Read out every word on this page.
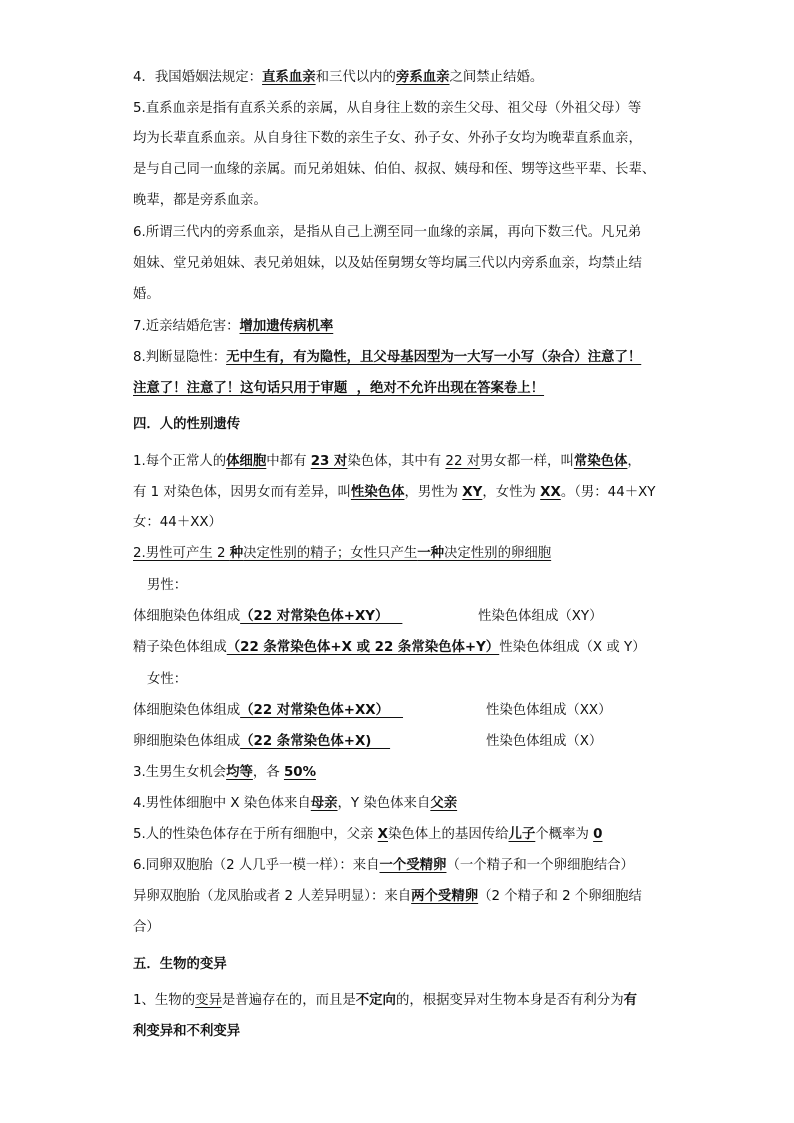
4．我国婚姻法规定：直系血亲和三代以内的旁系血亲之间禁止结婚。
5.直系血亲是指有直系关系的亲属，从自身往上数的亲生父母、祖父母（外祖父母）等
均为长辈直系血亲。从自身往下数的亲生子女、孙子女、外孙子女均为晚辈直系血亲，
是与自己同一血缘的亲属。而兄弟姐妹、伯伯、叔叔、姨母和侄、甥等这些平辈、长辈、
晚辈，都是旁系血亲。
6.所谓三代内的旁系血亲，是指从自己上溯至同一血缘的亲属，再向下数三代。凡兄弟
姐妹、堂兄弟姐妹、表兄弟姐妹，以及姑侄舅甥女等均属三代以内旁系血亲，均禁止结
婚。
7.近亲结婚危害：增加遗传病机率
8.判断显隐性：无中生有，有为隐性，且父母基因型为一大写一小写（杂合）注意了！
注意了！注意了！这句话只用于审题  ，绝对不允许出现在答案卷上！
四．人的性别遗传
1.每个正常人的体细胞中都有 23 对染色体，其中有 22 对男女都一样，叫常染色体，
有 1 对染色体，因男女而有差异，叫性染色体，男性为 XY，女性为 XX。（男：44＋XY
女：44＋XX）
2.男性可产生 2 种决定性别的精子；女性只产生一种决定性别的卵细胞
男性：
体细胞染色体组成（22 对常染色体+XY）	性染色体组成（XY）
精子染色体组成（22 条常染色体+X 或 22 条常染色体+Y）性染色体组成（X 或 Y）
女性：
体细胞染色体组成（22 对常染色体+XX）	性染色体组成（XX）
卵细胞染色体组成（22 条常染色体+X)	性染色体组成（X）
3.生男生女机会均等，各 50%
4.男性体细胞中 X 染色体来自母亲，Y 染色体来自父亲
5.人的性染色体存在于所有细胞中，父亲 X染色体上的基因传给儿子个概率为 0
6.同卵双胞胎（2 人几乎一模一样）：来自一个受精卵（一个精子和一个卵细胞结合）
异卵双胞胎（龙凤胎或者 2 人差异明显）：来自两个受精卵（2 个精子和 2 个卵细胞结
合）
五．生物的变异
1、生物的变异是普遍存在的，而且是不定向的，根据变异对生物本身是否有利分为有
利变异和不利变异
